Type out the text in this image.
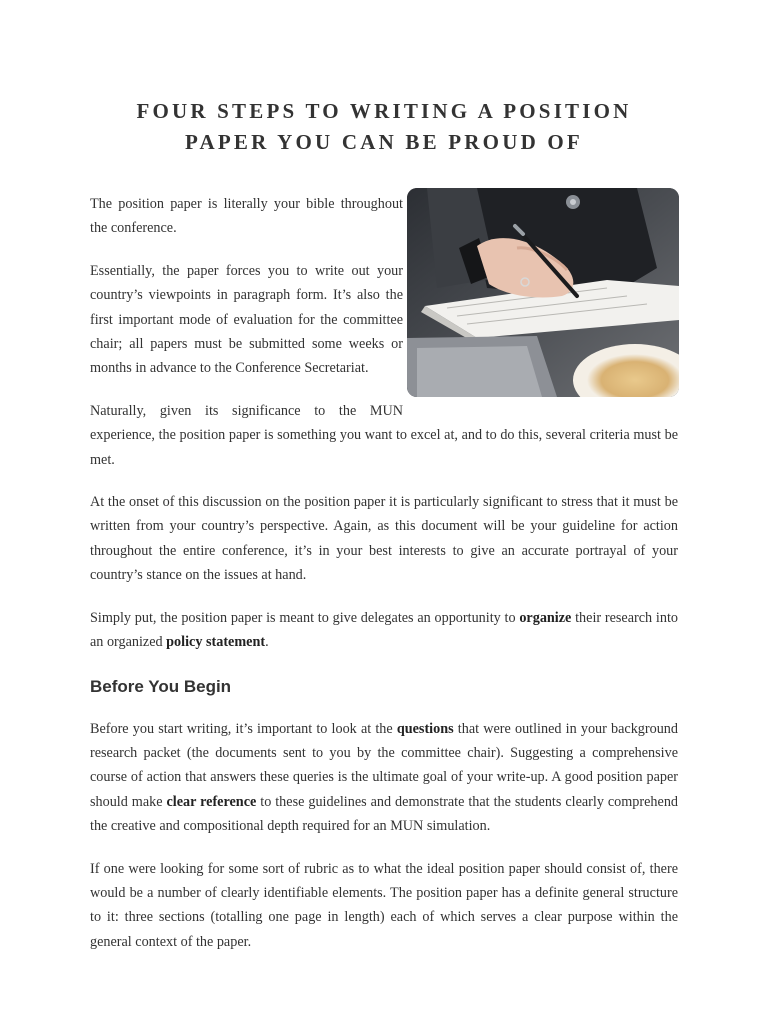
FOUR STEPS TO WRITING A POSITION
PAPER YOU CAN BE PROUD OF

The position paper is literally your bible throughout the conference.

Essentially, the paper forces you to write out your country’s viewpoints in paragraph form. It’s also the first important mode of evaluation for the committee chair; all papers must be submitted some weeks or months in advance to the Conference Secretariat.

Naturally, given its significance to the MUN experience, the position paper is something you want to excel at, and to do this, several criteria must be met.

At the onset of this discussion on the position paper it is particularly significant to stress that it must be written from your country’s perspective. Again, as this document will be your guideline for action throughout the entire conference, it’s in your best interests to give an accurate portrayal of your country’s stance on the issues at hand.

Simply put, the position paper is meant to give delegates an opportunity to organize their research into an organized policy statement.

Before You Begin

Before you start writing, it’s important to look at the questions that were outlined in your background research packet (the documents sent to you by the committee chair). Suggesting a comprehensive course of action that answers these queries is the ultimate goal of your write-up. A good position paper should make clear reference to these guidelines and demonstrate that the students clearly comprehend the creative and compositional depth required for an MUN simulation.

If one were looking for some sort of rubric as to what the ideal position paper should consist of, there would be a number of clearly identifiable elements. The position paper has a definite general structure to it: three sections (totalling one page in length) each of which serves a clear purpose within the general context of the paper.
